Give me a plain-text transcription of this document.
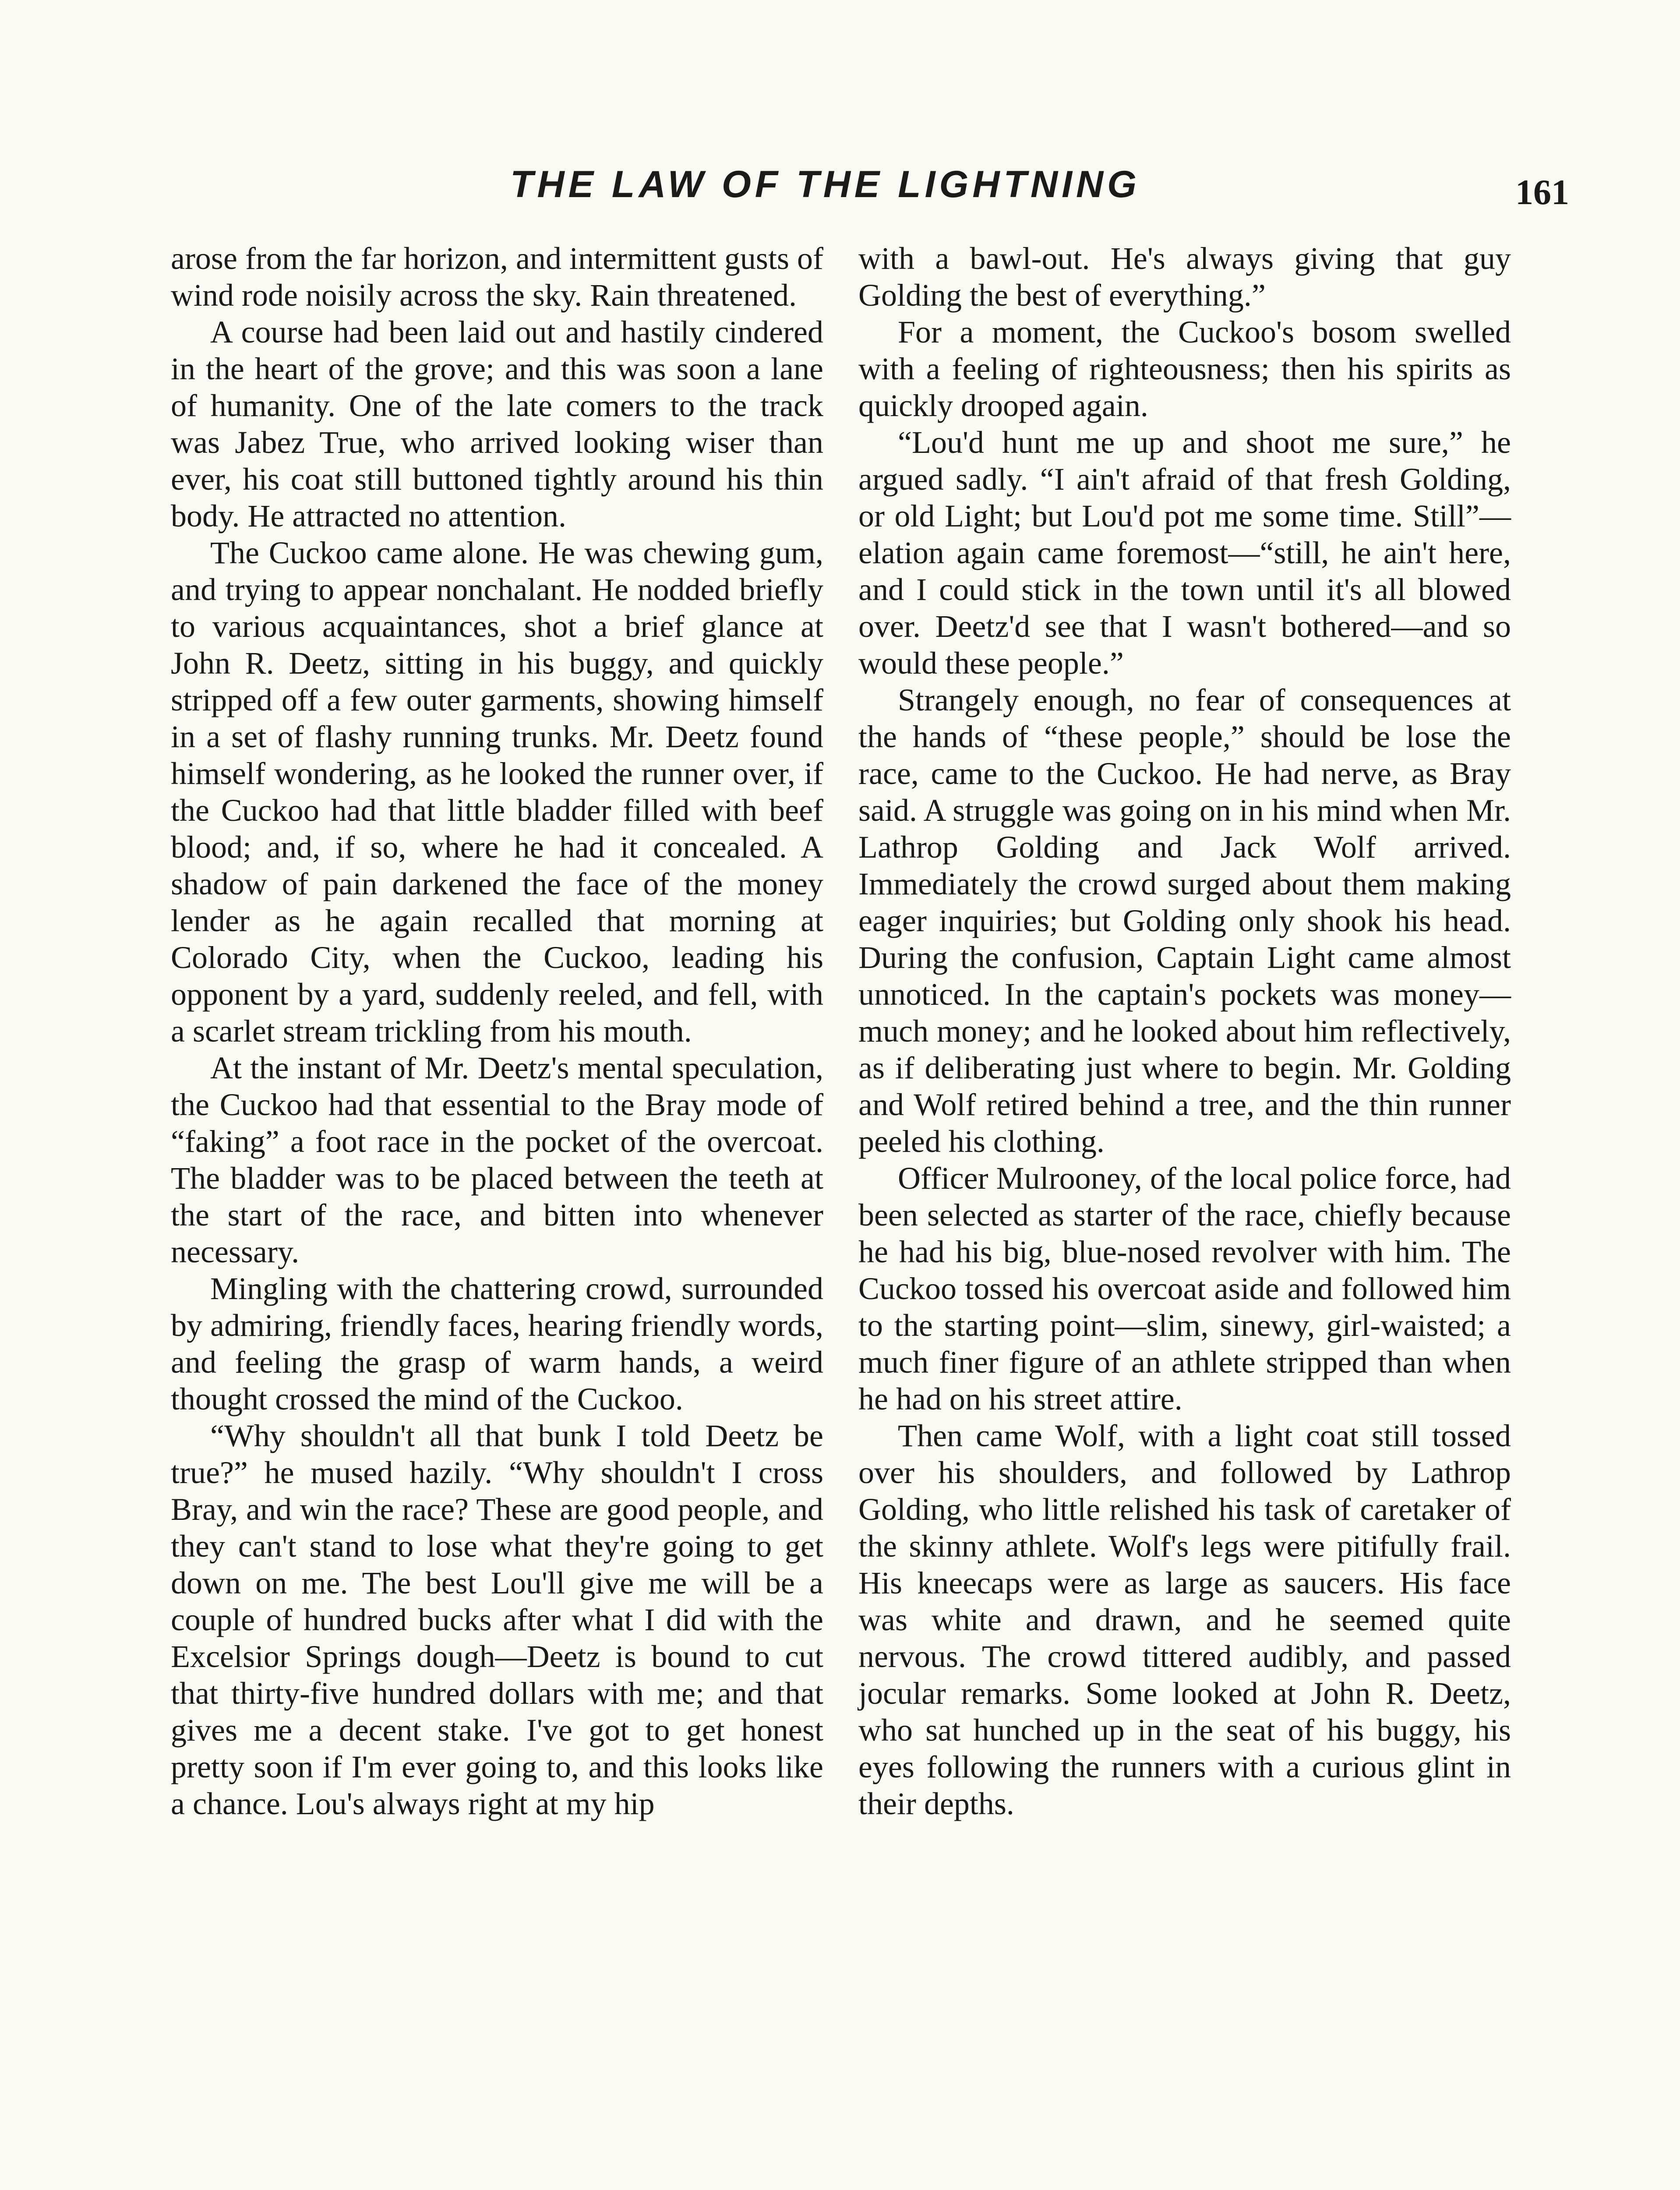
THE LAW OF THE LIGHTNING	161

arose from the far horizon, and intermittent gusts of wind rode noisily across the sky. Rain threatened.

A course had been laid out and hastily cindered in the heart of the grove; and this was soon a lane of humanity. One of the late comers to the track was Jabez True, who arrived looking wiser than ever, his coat still buttoned tightly around his thin body. He attracted no attention.

The Cuckoo came alone. He was chewing gum, and trying to appear nonchalant. He nodded briefly to various acquaintances, shot a brief glance at John R. Deetz, sitting in his buggy, and quickly stripped off a few outer garments, showing himself in a set of flashy running trunks. Mr. Deetz found himself wondering, as he looked the runner over, if the Cuckoo had that little bladder filled with beef blood; and, if so, where he had it concealed. A shadow of pain darkened the face of the money lender as he again recalled that morning at Colorado City, when the Cuckoo, leading his opponent by a yard, suddenly reeled, and fell, with a scarlet stream trickling from his mouth.

At the instant of Mr. Deetz's mental speculation, the Cuckoo had that essential to the Bray mode of “faking” a foot race in the pocket of the overcoat. The bladder was to be placed between the teeth at the start of the race, and bitten into whenever necessary.

Mingling with the chattering crowd, surrounded by admiring, friendly faces, hearing friendly words, and feeling the grasp of warm hands, a weird thought crossed the mind of the Cuckoo.

“Why shouldn't all that bunk I told Deetz be true?” he mused hazily. “Why shouldn't I cross Bray, and win the race? These are good people, and they can't stand to lose what they're going to get down on me. The best Lou'll give me will be a couple of hundred bucks after what I did with the Excelsior Springs dough—Deetz is bound to cut that thirty-five hundred dollars with me; and that gives me a decent stake. I've got to get honest pretty soon if I'm ever going to, and this looks like a chance. Lou's always right at my hip

with a bawl-out. He's always giving that guy Golding the best of everything.”

For a moment, the Cuckoo's bosom swelled with a feeling of righteousness; then his spirits as quickly drooped again.

“Lou'd hunt me up and shoot me sure,” he argued sadly. “I ain't afraid of that fresh Golding, or old Light; but Lou'd pot me some time. Still”—elation again came foremost—“still, he ain't here, and I could stick in the town until it's all blowed over. Deetz'd see that I wasn't bothered—and so would these people.”

Strangely enough, no fear of consequences at the hands of “these people,” should be lose the race, came to the Cuckoo. He had nerve, as Bray said. A struggle was going on in his mind when Mr. Lathrop Golding and Jack Wolf arrived. Immediately the crowd surged about them making eager inquiries; but Golding only shook his head. During the confusion, Captain Light came almost unnoticed. In the captain's pockets was money—much money; and he looked about him reflectively, as if deliberating just where to begin. Mr. Golding and Wolf retired behind a tree, and the thin runner peeled his clothing.

Officer Mulrooney, of the local police force, had been selected as starter of the race, chiefly because he had his big, blue-nosed revolver with him. The Cuckoo tossed his overcoat aside and followed him to the starting point—slim, sinewy, girl-waisted; a much finer figure of an athlete stripped than when he had on his street attire.

Then came Wolf, with a light coat still tossed over his shoulders, and followed by Lathrop Golding, who little relished his task of caretaker of the skinny athlete. Wolf's legs were pitifully frail. His kneecaps were as large as saucers. His face was white and drawn, and he seemed quite nervous. The crowd tittered audibly, and passed jocular remarks. Some looked at John R. Deetz, who sat hunched up in the seat of his buggy, his eyes following the runners with a curious glint in their depths.
